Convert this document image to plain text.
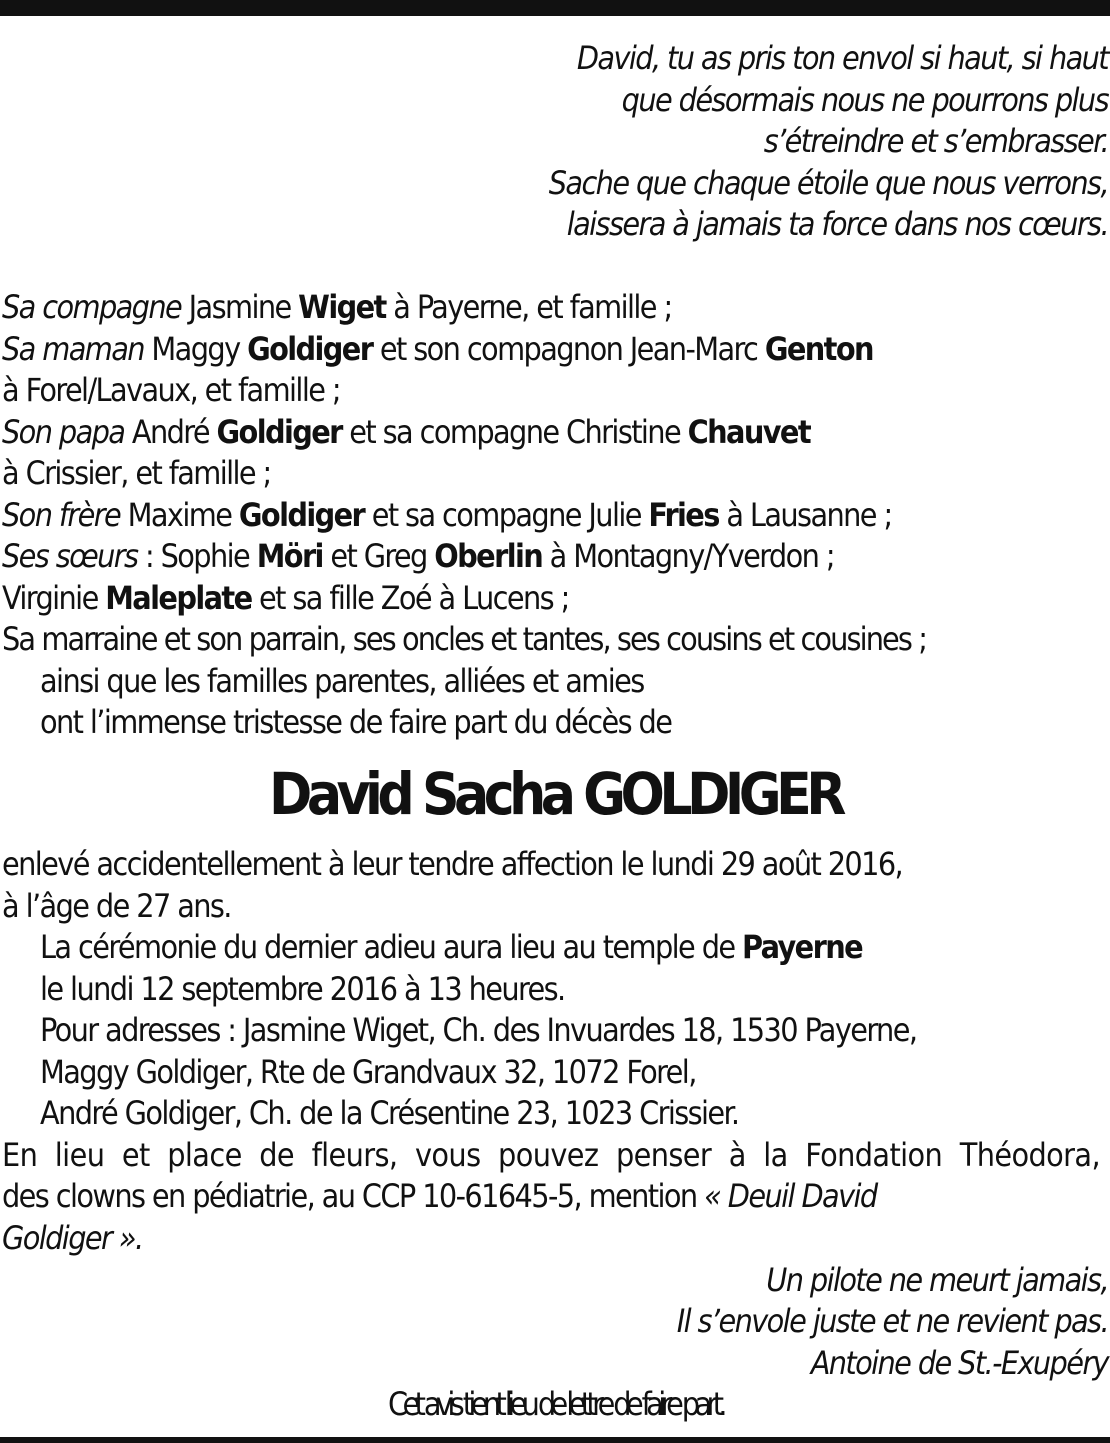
David, tu as pris ton envol si haut, si haut
que désormais nous ne pourrons plus
s’étreindre et s’embrasser.
Sache que chaque étoile que nous verrons,
laissera à jamais ta force dans nos cœurs.
Sa compagne Jasmine Wiget à Payerne, et famille ;
Sa maman Maggy Goldiger et son compagnon Jean-Marc Genton
à Forel/Lavaux, et famille ;
Son papa André Goldiger et sa compagne Christine Chauvet
à Crissier, et famille ;
Son frère Maxime Goldiger et sa compagne Julie Fries à Lausanne ;
Ses sœurs : Sophie Möri et Greg Oberlin à Montagny/Yverdon ;
Virginie Maleplate et sa fille Zoé à Lucens ;
Sa marraine et son parrain, ses oncles et tantes, ses cousins et cousines ;
ainsi que les familles parentes, alliées et amies
ont l’immense tristesse de faire part du décès de
David Sacha GOLDIGER
enlevé accidentellement à leur tendre affection le lundi 29 août 2016,
à l’âge de 27 ans.
La cérémonie du dernier adieu aura lieu au temple de Payerne
le lundi 12 septembre 2016 à 13 heures.
Pour adresses : Jasmine Wiget, Ch. des Invuardes 18, 1530 Payerne,
Maggy Goldiger, Rte de Grandvaux 32, 1072 Forel,
André Goldiger, Ch. de la Crésentine 23, 1023 Crissier.
En lieu et place de fleurs, vous pouvez penser à la Fondation Théodora,
des clowns en pédiatrie, au CCP 10-61645-5, mention « Deuil David
Goldiger ».
Un pilote ne meurt jamais,
Il s’envole juste et ne revient pas.
Antoine de St.-Exupéry
Cet avis tient lieu de lettre de faire part.
